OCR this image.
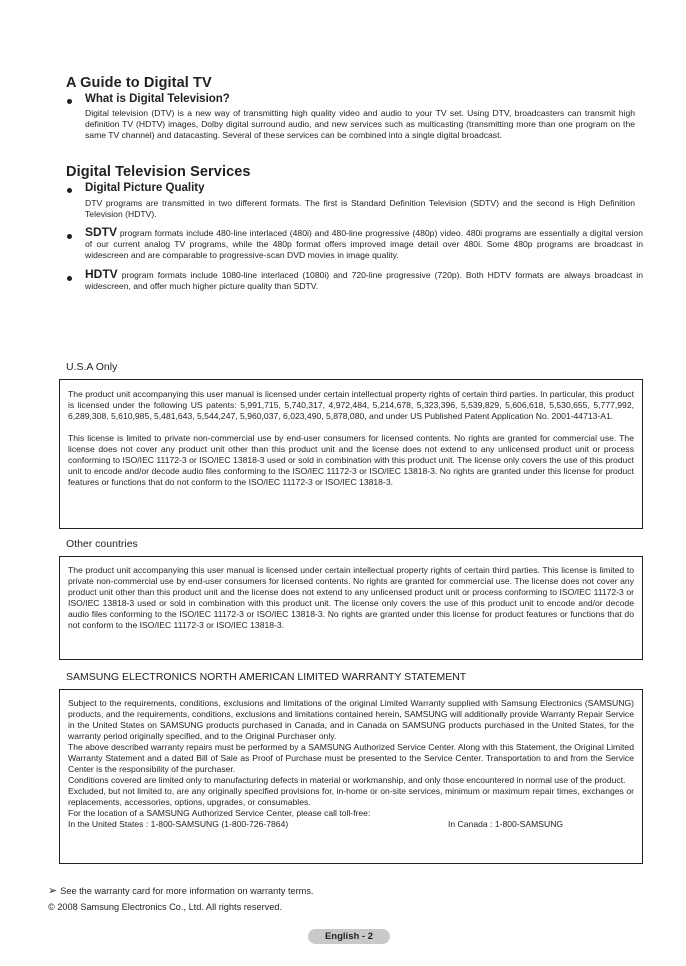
A Guide to Digital TV
What is Digital Television?
Digital television (DTV) is a new way of transmitting high quality video and audio to your TV set. Using DTV, broadcasters can transmit high definition TV (HDTV) images, Dolby digital surround audio, and new services such as multicasting (transmitting more than one program on the same TV channel) and datacasting. Several of these services can be combined into a single digital broadcast.
Digital Television Services
Digital Picture Quality
DTV programs are transmitted in two different formats. The first is Standard Definition Television (SDTV) and the second is High Definition Television (HDTV).
SDTV program formats include 480-line interlaced (480i) and 480-line progressive (480p) video. 480i programs are essentially a digital version of our current analog TV programs, while the 480p format offers improved image detail over 480i. Some 480p programs are broadcast in widescreen and are comparable to progressive-scan DVD movies in image quality.
HDTV program formats include 1080-line interlaced (1080i) and 720-line progressive (720p). Both HDTV formats are always broadcast in widescreen, and offer much higher picture quality than SDTV.
U.S.A Only

The product unit accompanying this user manual is licensed under certain intellectual property rights of certain third parties. In particular, this product is licensed under the following US patents: 5,991,715, 5,740,317, 4,972,484, 5,214,678, 5,323,396, 5,539,829, 5,606,618, 5,530,655, 5,777,992, 6,289,308, 5,610,985, 5,481,643, 5,544,247, 5,960,037, 6,023,490, 5,878,080, and under US Published Patent Application No. 2001-44713-A1.

This license is limited to private non-commercial use by end-user consumers for licensed contents. No rights are granted for commercial use. The license does not cover any product unit other than this product unit and the license does not extend to any unlicensed product unit or process conforming to ISO/IEC 11172-3 or ISO/IEC 13818-3 used or sold in combination with this product unit. The license only covers the use of this product unit to encode and/or decode audio files conforming to the ISO/IEC 11172-3 or ISO/IEC 13818-3. No rights are granted under this license for product features or functions that do not conform to the ISO/IEC 11172-3 or ISO/IEC 13818-3.

Other countries

The product unit accompanying this user manual is licensed under certain intellectual property rights of certain third parties. This license is limited to private non-commercial use by end-user consumers for licensed contents. No rights are granted for commercial use. The license does not cover any product unit other than this product unit and the license does not extend to any unlicensed product unit or process conforming to ISO/IEC 11172-3 or ISO/IEC 13818-3 used or sold in combination with this product unit. The license only covers the use of this product unit to encode and/or decode audio files conforming to the ISO/IEC 11172-3 or ISO/IEC 13818-3. No rights are granted under this license for product features or functions that do not conform to the ISO/IEC 11172-3 or ISO/IEC 13818-3.

SAMSUNG ELECTRONICS NORTH AMERICAN LIMITED WARRANTY STATEMENT

Subject to the requirements, conditions, exclusions and limitations of the original Limited Warranty supplied with Samsung Electronics (SAMSUNG) products, and the requirements, conditions, exclusions and limitations contained herein, SAMSUNG will additionally provide Warranty Repair Service in the United States on SAMSUNG products purchased in Canada, and in Canada on SAMSUNG products purchased in the United States, for the warranty period originally specified, and to the Original Purchaser only.

The above described warranty repairs must be performed by a SAMSUNG Authorized Service Center. Along with this Statement, the Original Limited Warranty Statement and a dated Bill of Sale as Proof of Purchase must be presented to the Service Center. Transportation to and from the Service Center is the responsibility of the purchaser.

Conditions covered are limited only to manufacturing defects in material or workmanship, and only those encountered in normal use of the product.

Excluded, but not limited to, are any originally specified provisions for, in-home or on-site services, minimum or maximum repair times, exchanges or replacements, accessories, options, upgrades, or consumables.

For the location of a SAMSUNG Authorized Service Center, please call toll-free:

In the United States : 1-800-SAMSUNG (1-800-726-7864)	In Canada : 1-800-SAMSUNG
➢ See the warranty card for more information on warranty terms.
© 2008 Samsung Electronics Co., Ltd. All rights reserved.
English - 2
